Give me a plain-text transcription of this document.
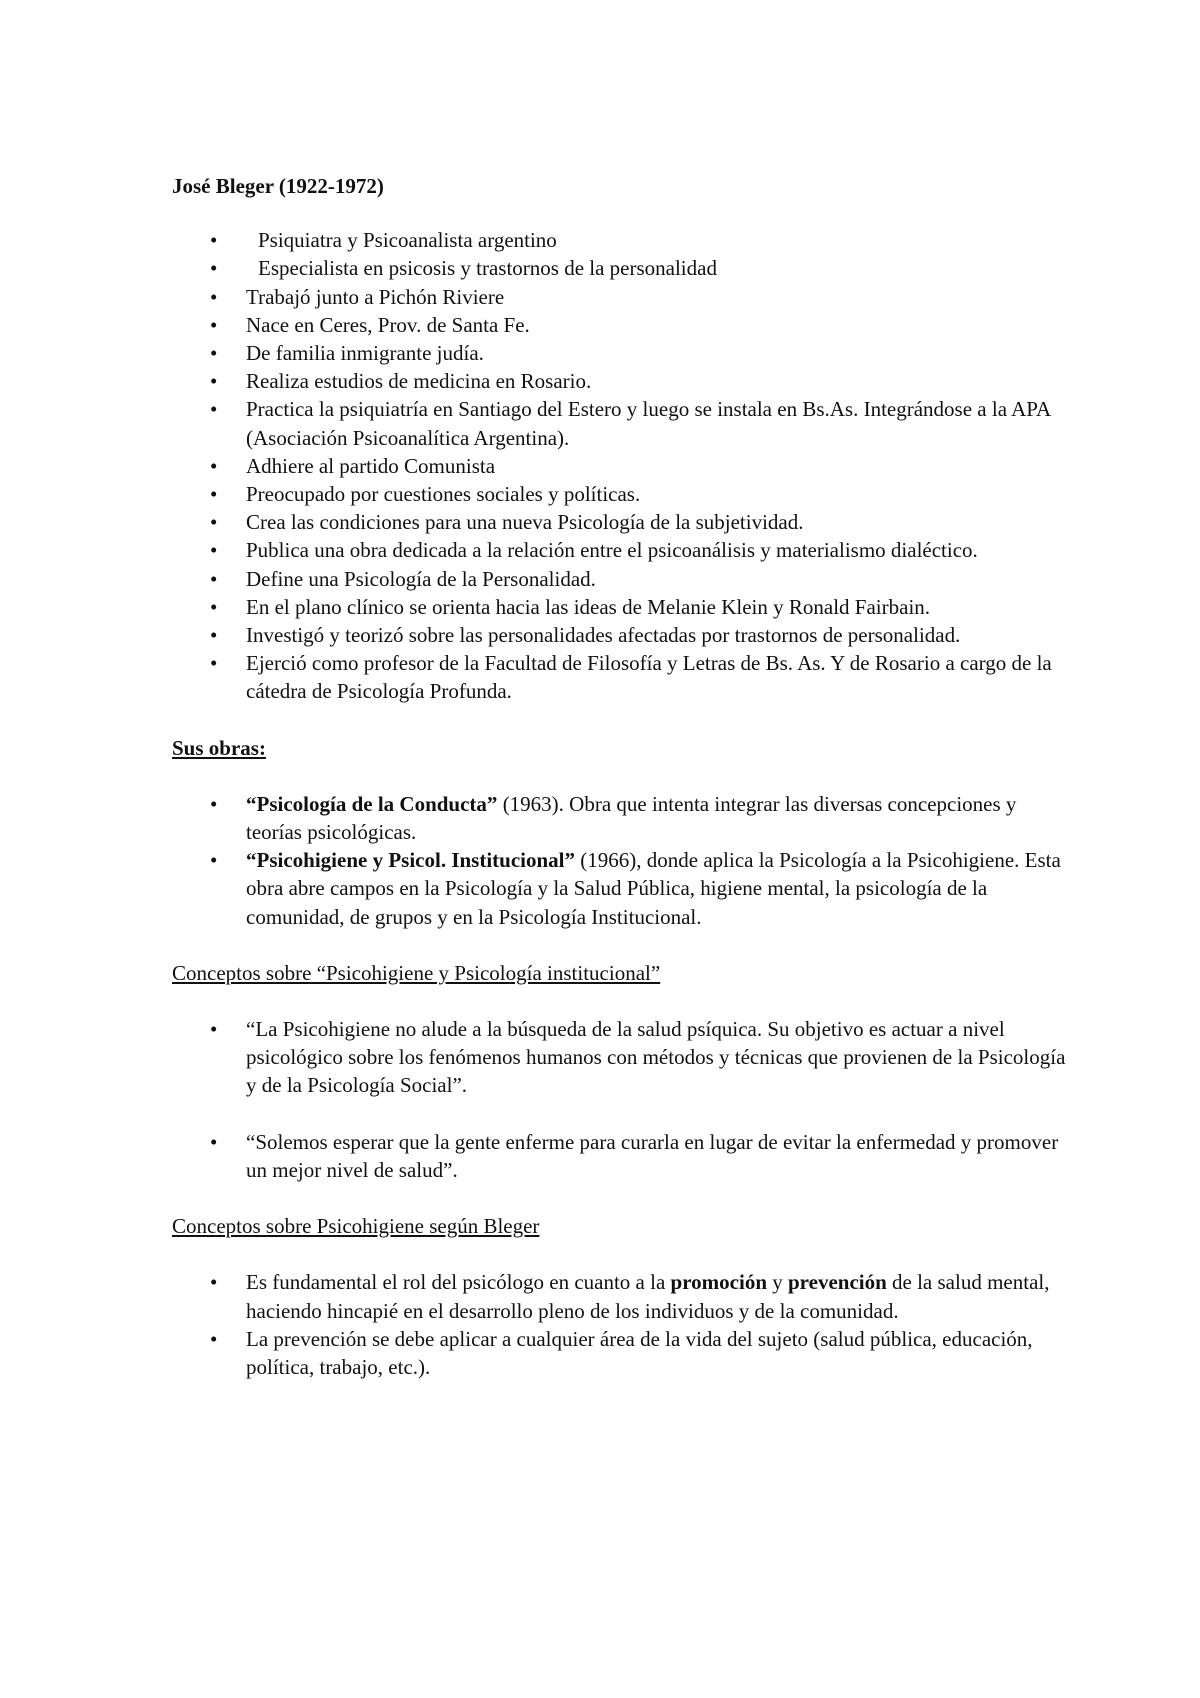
José Bleger (1922-1972)
• Psiquiatra y Psicoanalista argentino
• Especialista en psicosis y trastornos de la personalidad
• Trabajó junto a Pichón Riviere
• Nace en Ceres, Prov. de Santa Fe.
• De familia inmigrante judía.
• Realiza estudios de medicina en Rosario.
• Practica la psiquiatría en Santiago del Estero y luego se instala en Bs.As. Integrándose a la APA (Asociación Psicoanalítica Argentina).
• Adhiere al partido Comunista
• Preocupado por cuestiones sociales y políticas.
• Crea las condiciones para una nueva Psicología de la subjetividad.
• Publica una obra dedicada a la relación entre el psicoanálisis y materialismo dialéctico.
• Define una Psicología de la Personalidad.
• En el plano clínico se orienta hacia las ideas de Melanie Klein y Ronald Fairbain.
• Investigó y teorizó sobre las personalidades afectadas por trastornos de personalidad.
• Ejerció como profesor de la Facultad de Filosofía y Letras de Bs. As. Y de Rosario a cargo de la cátedra de Psicología Profunda.
Sus obras:
• “Psicología de la Conducta” (1963). Obra que intenta integrar las diversas concepciones y teorías psicológicas.
• “Psicohigiene y Psicol. Institucional” (1966), donde aplica la Psicología a la Psicohigiene. Esta obra abre campos en la Psicología y la Salud Pública, higiene mental, la psicología de la comunidad, de grupos y en la Psicología Institucional.
Conceptos sobre “Psicohigiene y Psicología institucional”
• “La Psicohigiene no alude a la búsqueda de la salud psíquica. Su objetivo es actuar a nivel psicológico sobre los fenómenos humanos con métodos y técnicas que provienen de la Psicología y de la Psicología Social”.
• “Solemos esperar que la gente enferme para curarla en lugar de evitar la enfermedad y promover un mejor nivel de salud”.
Conceptos sobre Psicohigiene según Bleger
• Es fundamental el rol del psicólogo en cuanto a la promoción y prevención de la salud mental, haciendo hincapié en el desarrollo pleno de los individuos y de la comunidad.
• La prevención se debe aplicar a cualquier área de la vida del sujeto (salud pública, educación, política, trabajo, etc.).
